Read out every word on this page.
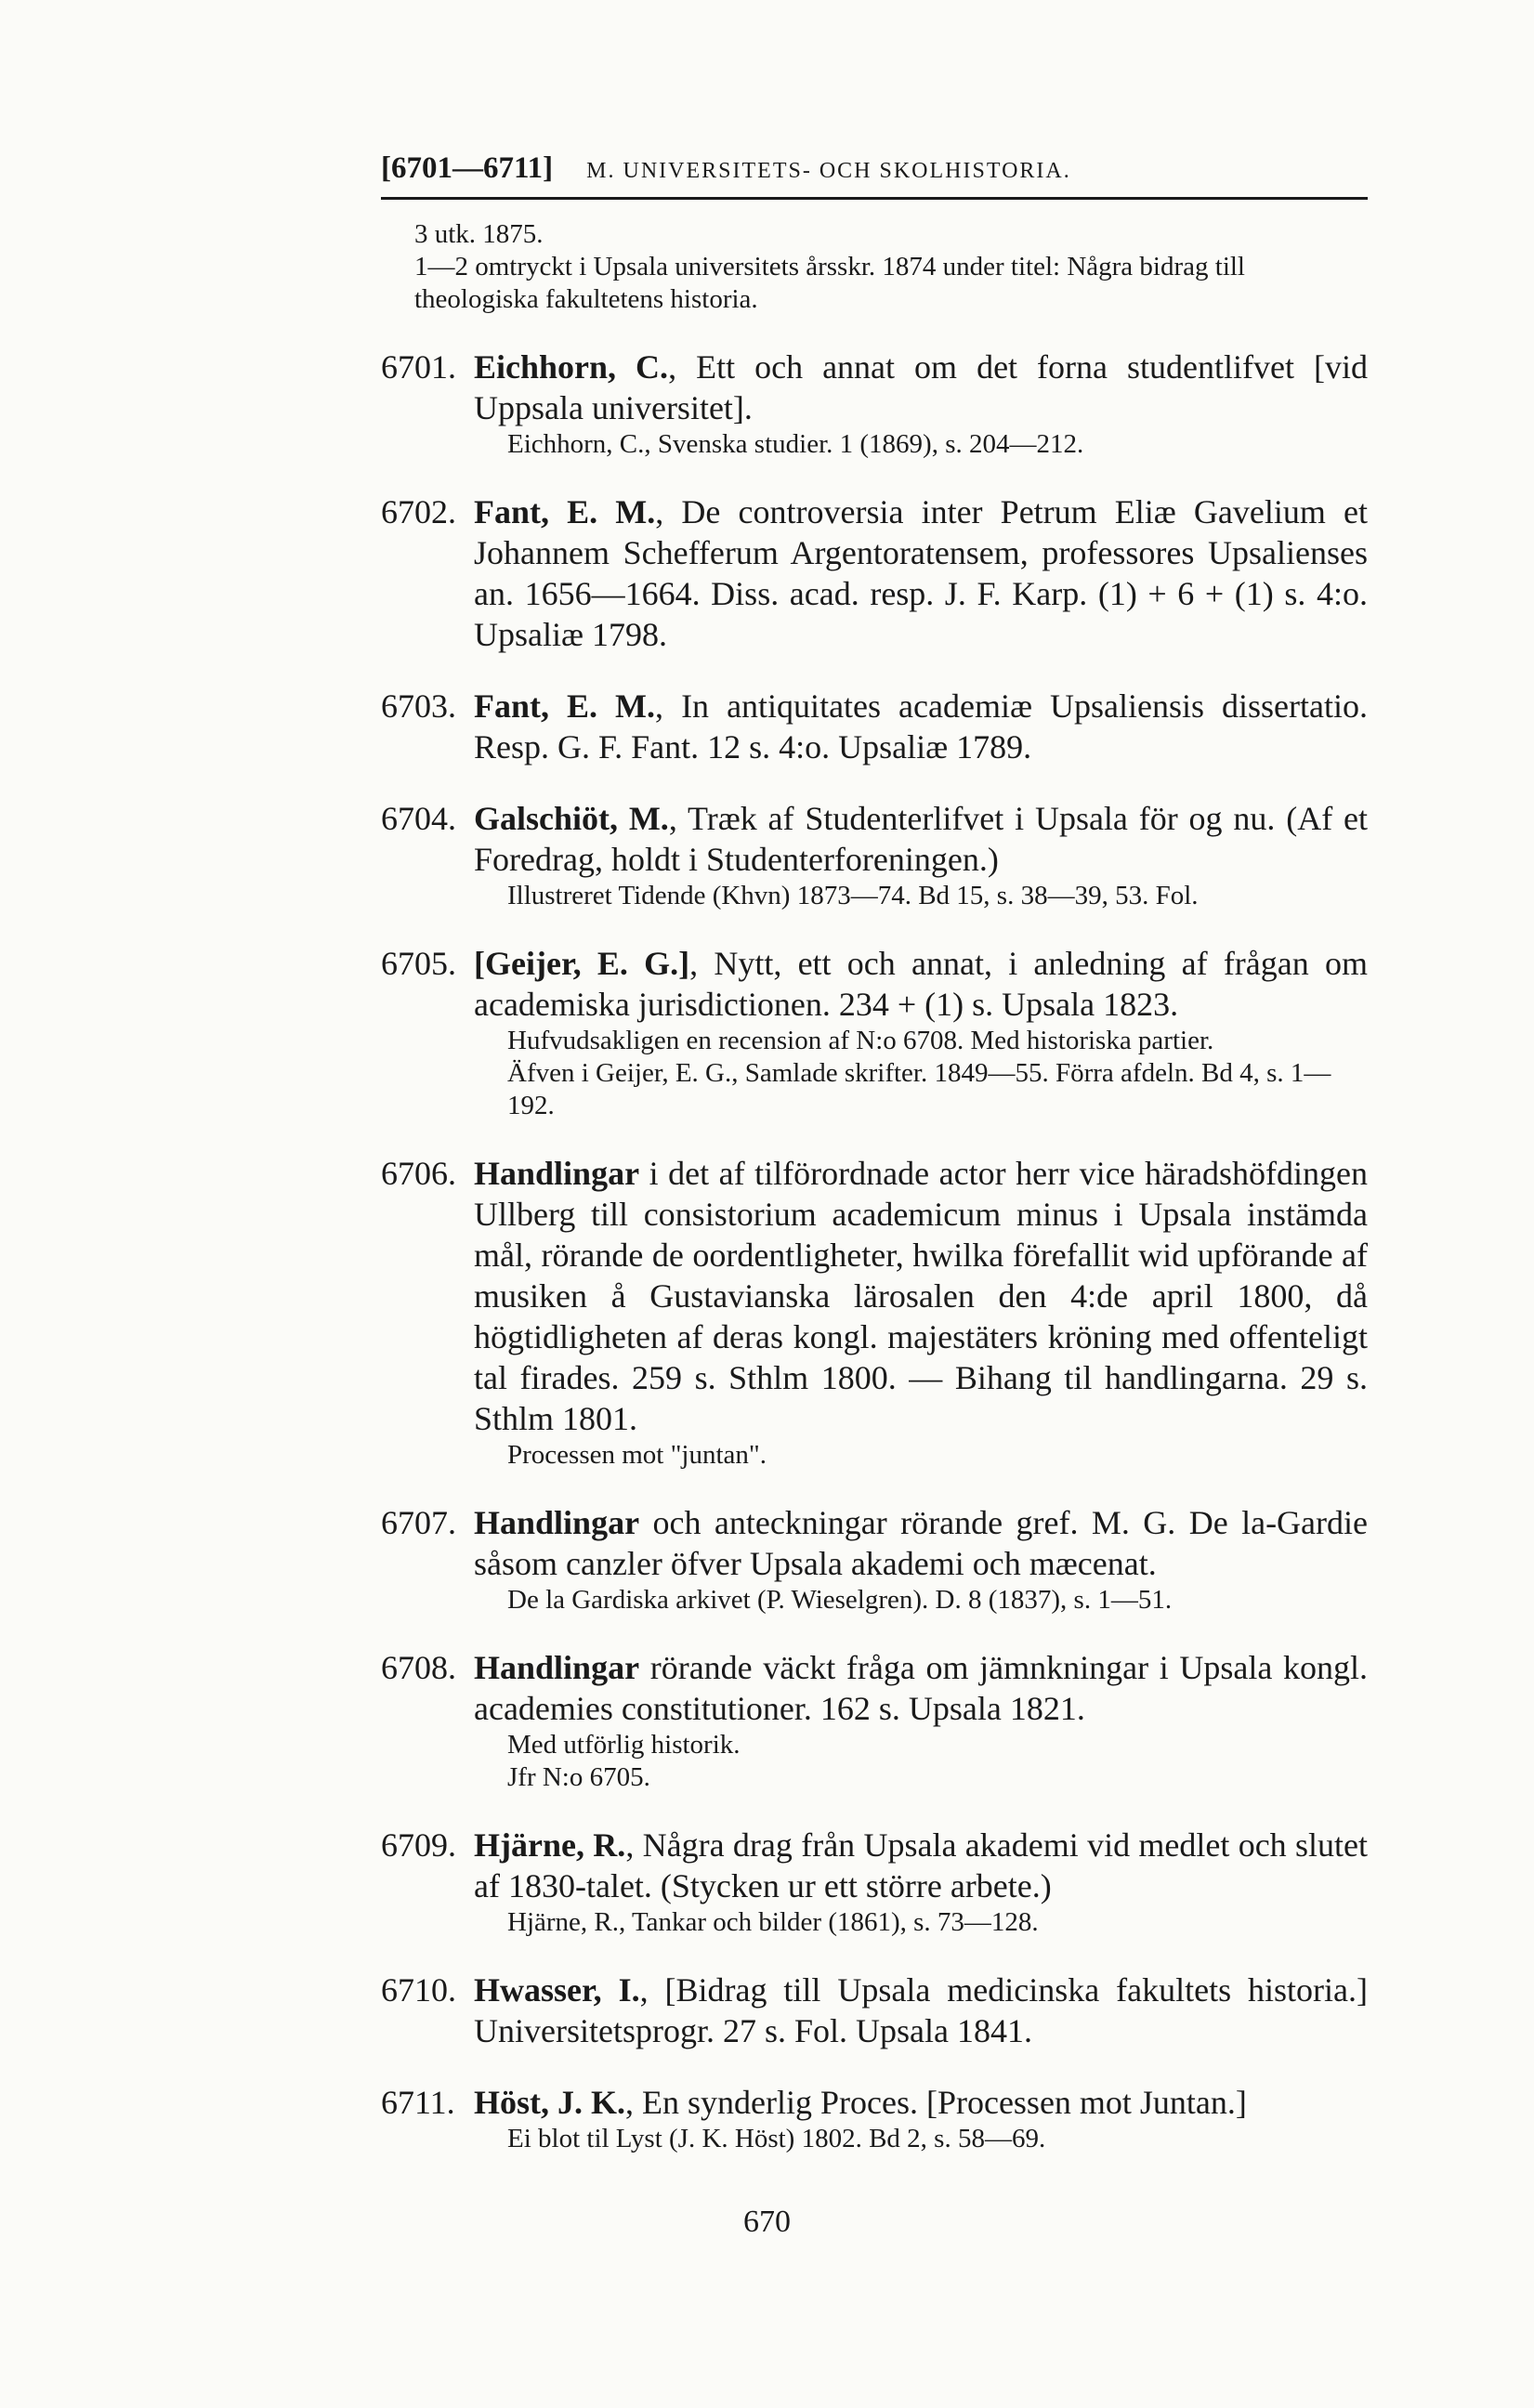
[6701—6711] M. UNIVERSITETS- OCH SKOLHISTORIA.

3 utk. 1875.

1—2 omtryckt i Upsala universitets årsskr. 1874 under titel: Några bidrag till theologiska fakultetens historia.

6701. Eichhorn, C., Ett och annat om det forna studentlifvet [vid Uppsala universitet].

Eichhorn, C., Svenska studier. 1 (1869), s. 204—212.

6702. Fant, E. M., De controversia inter Petrum Eliæ Gavelium et Johannem Schefferum Argentoratensem, professores Upsalienses an. 1656—1664. Diss. acad. resp. J. F. Karp. (1) + 6 + (1) s. 4:o. Upsaliæ 1798.

6703. Fant, E. M., In antiquitates academiæ Upsaliensis dissertatio. Resp. G. F. Fant. 12 s. 4:o. Upsaliæ 1789.

6704. Galschiöt, M., Træk af Studenterlifvet i Upsala för og nu. (Af et Foredrag, holdt i Studenterforeningen.)

Illustreret Tidende (Khvn) 1873—74. Bd 15, s. 38—39, 53. Fol.

6705. [Geijer, E. G.], Nytt, ett och annat, i anledning af frågan om academiska jurisdictionen. 234 + (1) s. Upsala 1823.

Hufvudsakligen en recension af N:o 6708. Med historiska partier.

Äfven i Geijer, E. G., Samlade skrifter. 1849—55. Förra afdeln. Bd 4, s. 1—192.

6706. Handlingar i det af tilförordnade actor herr vice häradshöfdingen Ullberg till consistorium academicum minus i Upsala instämda mål, rörande de oordentligheter, hwilka förefallit wid upförande af musiken å Gustavianska lärosalen den 4:de april 1800, då högtidligheten af deras kongl. majestäters kröning med offenteligt tal firades. 259 s. Sthlm 1800. — Bihang til handlingarna. 29 s. Sthlm 1801.

Processen mot "juntan".

6707. Handlingar och anteckningar rörande gref. M. G. De la-Gardie såsom canzler öfver Upsala akademi och mæcenat.

De la Gardiska arkivet (P. Wieselgren). D. 8 (1837), s. 1—51.

6708. Handlingar rörande väckt fråga om jämnkningar i Upsala kongl. academies constitutioner. 162 s. Upsala 1821.

Med utförlig historik.

Jfr N:o 6705.

6709. Hjärne, R., Några drag från Upsala akademi vid medlet och slutet af 1830-talet. (Stycken ur ett större arbete.)

Hjärne, R., Tankar och bilder (1861), s. 73—128.

6710. Hwasser, I., [Bidrag till Upsala medicinska fakultets historia.] Universitetsprogr. 27 s. Fol. Upsala 1841.

6711. Höst, J. K., En synderlig Proces. [Processen mot Juntan.]

Ei blot til Lyst (J. K. Höst) 1802. Bd 2, s. 58—69.

670
